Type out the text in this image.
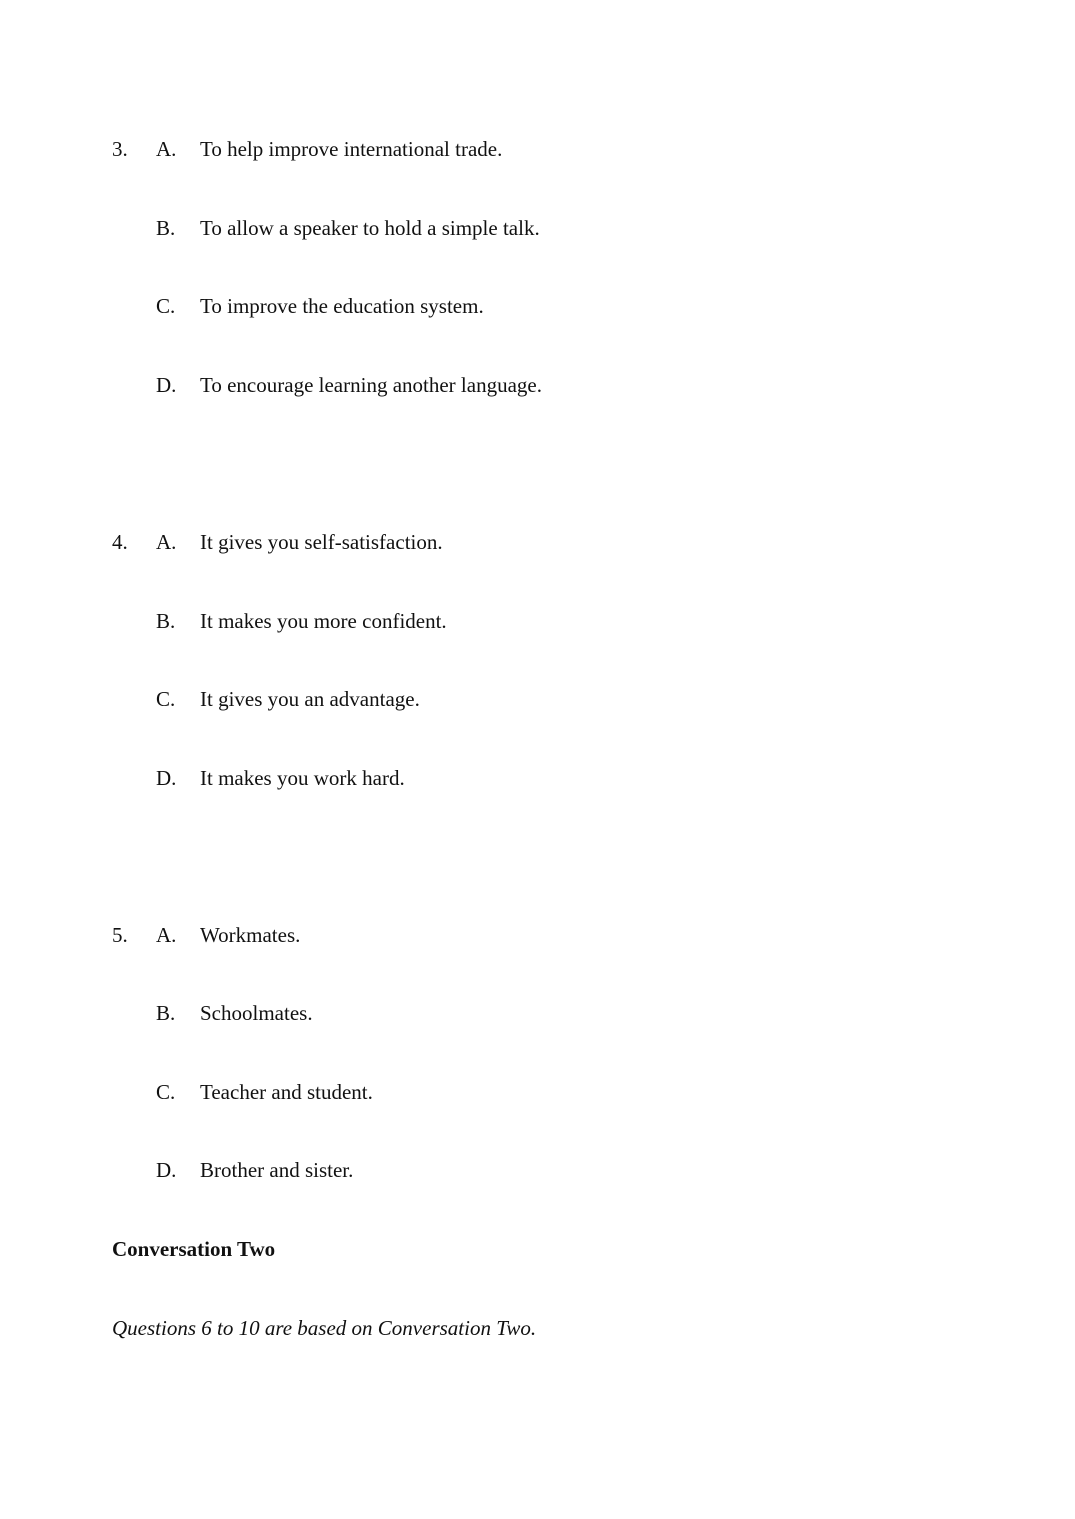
3.	A.	To help improve international trade.
B.	To allow a speaker to hold a simple talk.
C.	To improve the education system.
D.	To encourage learning another language.
4.	A.	It gives you self-satisfaction.
B.	It makes you more confident.
C.	It gives you an advantage.
D.	It makes you work hard.
5.	A.	Workmates.
B.	Schoolmates.
C.	Teacher and student.
D.	Brother and sister.
Conversation Two
Questions 6 to 10 are based on Conversation Two.
